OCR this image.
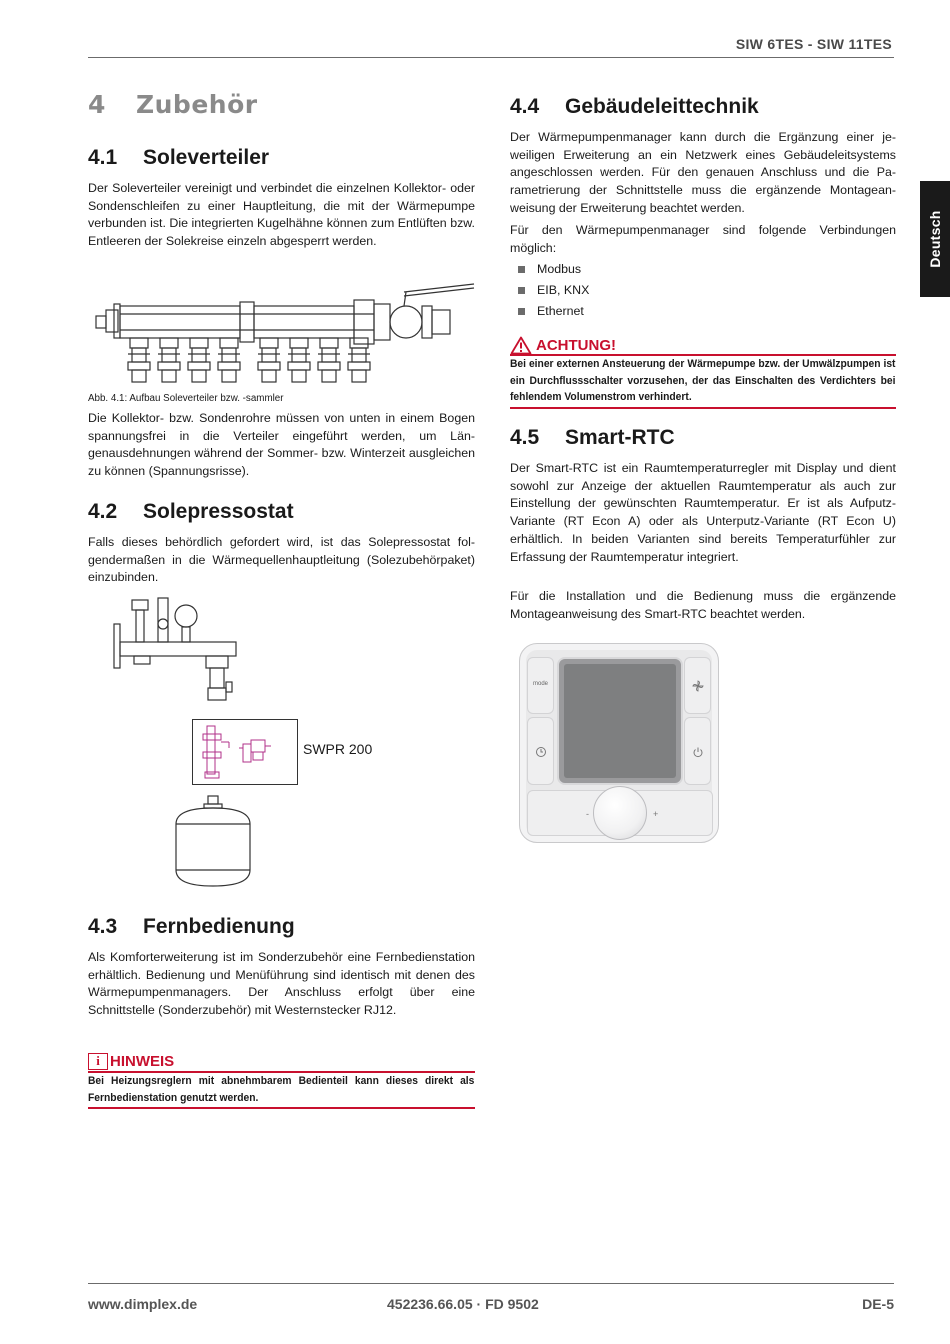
SIW 6TES - SIW 11TES
Deutsch
4 Zubehör
4.1 Soleverteiler

Der Soleverteiler vereinigt und verbindet die einzelnen Kollektor- oder Sondenschleifen zu einer Hauptleitung, die mit der Wärmepumpe verbunden ist. Die integrierten Kugelhähne können zum Entlüften bzw. Entleeren der Solekreise einzeln abgesperrt werden.

Abb. 4.1: Aufbau Soleverteiler bzw. -sammler

Die Kollektor- bzw. Sondenrohre müssen von unten in einem Bogen spannungsfrei in die Verteiler eingeführt werden, um Längenausdehnungen während der Sommer- bzw. Winterzeit ausgleichen zu können (Spannungsrisse).

4.2 Solepressostat

Falls dieses behördlich gefordert wird, ist das Solepressostat folgendermaßen in die Wärmequellenhauptleitung (Solezubehörpaket) einzubinden.

SWPR 200
4.3 Fernbedienung

Als Komforterweiterung ist im Sonderzubehör eine Fernbedienstation erhältlich. Bedienung und Menüführung sind identisch mit denen des Wärmepumpenmanagers. Der Anschluss erfolgt über eine Schnittstelle (Sonderzubehör) mit Westernstecker RJ12.

i HINWEIS

Bei Heizungsreglern mit abnehmbarem Bedienteil kann dieses direkt als Fernbedienstation genutzt werden.

4.4 Gebäudeleittechnik

Der Wärmepumpenmanager kann durch die Ergänzung einer jeweiligen Erweiterung an ein Netzwerk eines Gebäudeleitsystems angeschlossen werden. Für den genauen Anschluss und die Parametrierung der Schnittstelle muss die ergänzende Montageanweisung der Erweiterung beachtet werden.

Für den Wärmepumpenmanager sind folgende Verbindungen möglich:

Modbus
EIB, KNX
Ethernet
ACHTUNG!

Bei einer externen Ansteuerung der Wärmepumpe bzw. der Umwälzpumpen ist ein Durchflussschalter vorzusehen, der das Einschalten des Verdichters bei fehlendem Volumenstrom verhindert.

4.5 Smart-RTC

Der Smart-RTC ist ein Raumtemperaturregler mit Display und dient sowohl zur Anzeige der aktuellen Raumtemperatur als auch zur Einstellung der gewünschten Raumtemperatur. Er ist als Aufputz-Variante (RT Econ A) oder als Unterputz-Variante (RT Econ U) erhältlich. In beiden Varianten sind bereits Temperaturfühler zur Erfassung der Raumtemperatur integriert.

Für die Installation und die Bedienung muss die ergänzende Montageanweisung des Smart-RTC beachtet werden.

mode
-	+
www.dimplex.de	452236.66.05 · FD 9502	DE-5
